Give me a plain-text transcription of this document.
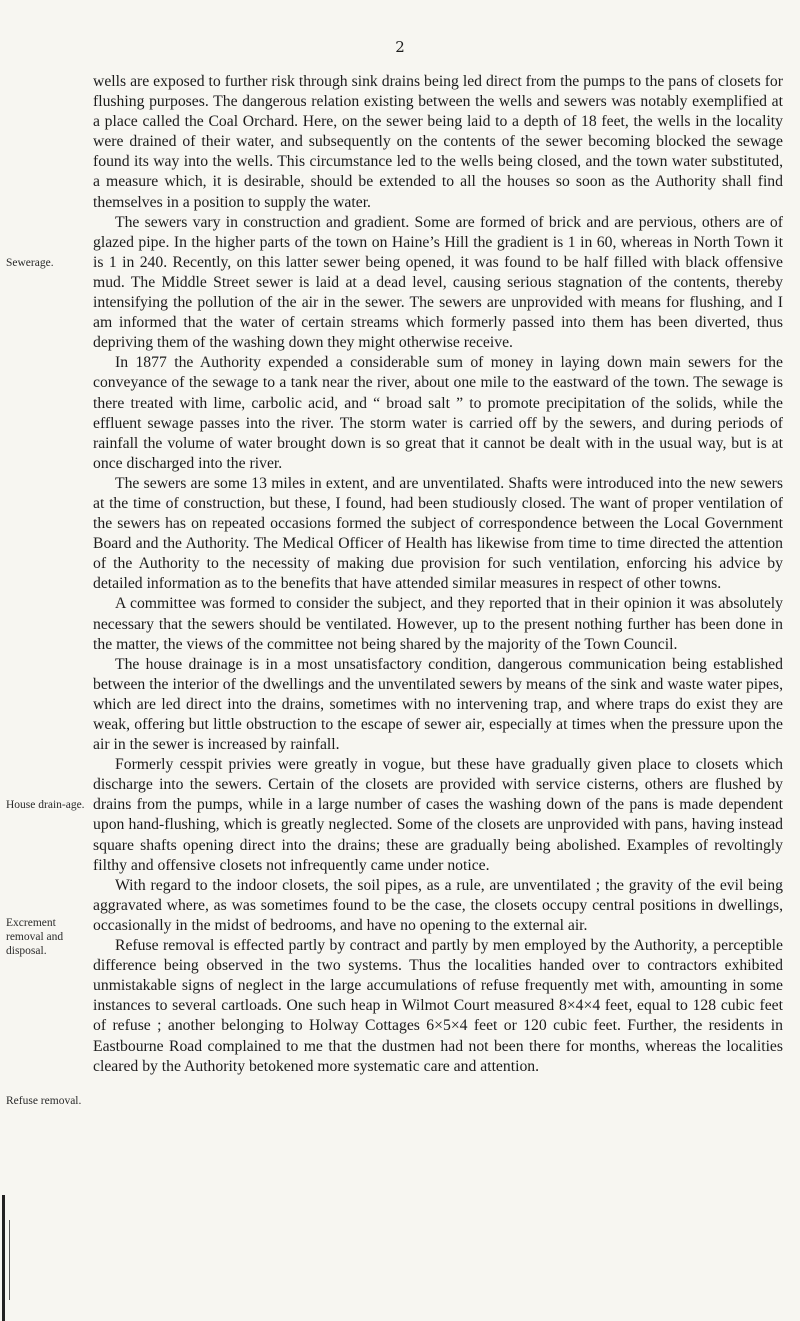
2
Sewerage.
House drain-age.
Excrement removal and disposal.
Refuse removal.

wells are exposed to further risk through sink drains being led direct from the pumps to the pans of closets for flushing purposes. The dangerous relation existing between the wells and sewers was notably exemplified at a place called the Coal Orchard. Here, on the sewer being laid to a depth of 18 feet, the wells in the locality were drained of their water, and subsequently on the contents of the sewer becoming blocked the sewage found its way into the wells. This circumstance led to the wells being closed, and the town water substituted, a measure which, it is desirable, should be extended to all the houses so soon as the Authority shall find themselves in a position to supply the water.

The sewers vary in construction and gradient. Some are formed of brick and are pervious, others are of glazed pipe. In the higher parts of the town on Haine’s Hill the gradient is 1 in 60, whereas in North Town it is 1 in 240. Recently, on this latter sewer being opened, it was found to be half filled with black offensive mud. The Middle Street sewer is laid at a dead level, causing serious stagnation of the contents, thereby intensifying the pollution of the air in the sewer. The sewers are unprovided with means for flushing, and I am informed that the water of certain streams which formerly passed into them has been diverted, thus depriving them of the washing down they might otherwise receive.

In 1877 the Authority expended a considerable sum of money in laying down main sewers for the conveyance of the sewage to a tank near the river, about one mile to the eastward of the town. The sewage is there treated with lime, carbolic acid, and “ broad salt ” to promote precipitation of the solids, while the effluent sewage passes into the river. The storm water is carried off by the sewers, and during periods of rainfall the volume of water brought down is so great that it cannot be dealt with in the usual way, but is at once discharged into the river.

The sewers are some 13 miles in extent, and are unventilated. Shafts were introduced into the new sewers at the time of construction, but these, I found, had been studiously closed. The want of proper ventilation of the sewers has on repeated occasions formed the subject of correspondence between the Local Government Board and the Authority. The Medical Officer of Health has likewise from time to time directed the attention of the Authority to the necessity of making due provision for such ventilation, enforcing his advice by detailed information as to the benefits that have attended similar measures in respect of other towns.

A committee was formed to consider the subject, and they reported that in their opinion it was absolutely necessary that the sewers should be ventilated. However, up to the present nothing further has been done in the matter, the views of the committee not being shared by the majority of the Town Council.

The house drainage is in a most unsatisfactory condition, dangerous communication being established between the interior of the dwellings and the unventilated sewers by means of the sink and waste water pipes, which are led direct into the drains, sometimes with no intervening trap, and where traps do exist they are weak, offering but little obstruction to the escape of sewer air, especially at times when the pressure upon the air in the sewer is increased by rainfall.

Formerly cesspit privies were greatly in vogue, but these have gradually given place to closets which discharge into the sewers. Certain of the closets are provided with service cisterns, others are flushed by drains from the pumps, while in a large number of cases the washing down of the pans is made dependent upon hand-flushing, which is greatly neglected. Some of the closets are unprovided with pans, having instead square shafts opening direct into the drains; these are gradually being abolished. Examples of revoltingly filthy and offensive closets not infrequently came under notice.

With regard to the indoor closets, the soil pipes, as a rule, are unventilated ; the gravity of the evil being aggravated where, as was sometimes found to be the case, the closets occupy central positions in dwellings, occasionally in the midst of bedrooms, and have no opening to the external air.

Refuse removal is effected partly by contract and partly by men employed by the Authority, a perceptible difference being observed in the two systems. Thus the localities handed over to contractors exhibited unmistakable signs of neglect in the large accumulations of refuse frequently met with, amounting in some instances to several cartloads. One such heap in Wilmot Court measured 8×4×4 feet, equal to 128 cubic feet of refuse ; another belonging to Holway Cottages 6×5×4 feet or 120 cubic feet. Further, the residents in Eastbourne Road complained to me that the dustmen had not been there for months, whereas the localities cleared by the Authority betokened more systematic care and attention.
